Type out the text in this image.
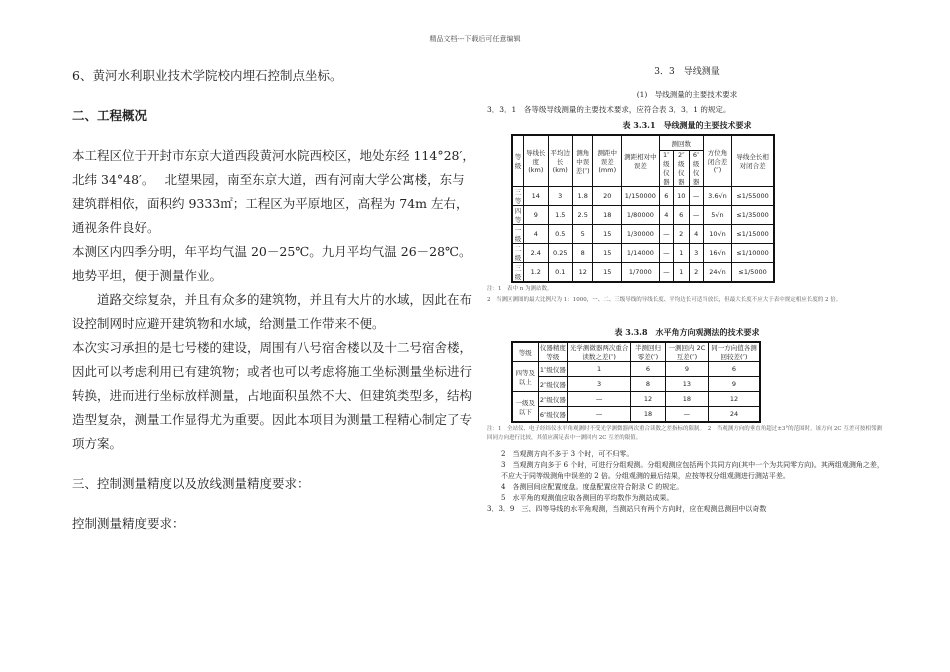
精品文档---下载后可任意编辑

6、黄河水利职业技术学院校内埋石控制点坐标。

二、工程概况

本工程区位于开封市东京大道西段黄河水院西校区，地处东经 114°28′，北纬 34°48′。　 北望果园，南至东京大道，西有河南大学公寓楼，东与建筑群相依，面积约 9333㎡；工程区为平原地区，高程为 74m 左右，通视条件良好。

本测区内四季分明，年平均气温 20－25℃。九月平均气温 26－28℃。地势平坦，便于测量作业。

道路交综复杂，并且有众多的建筑物，并且有大片的水域，因此在布设控制网时应避开建筑物和水域，给测量工作带来不便。

本次实习承担的是七号楼的建设，周围有八号宿舍楼以及十二号宿舍楼，因此可以考虑利用已有建筑物；或者也可以考虑将施工坐标测量坐标进行转换，进而进行坐标放样测量，占地面积虽然不大、但建筑类型多，结构造型复杂，测量工作显得尤为重要。因此本项目为测量工程精心制定了专项方案。

三、控制测量精度以及放线测量精度要求：

控制测量精度要求：

3．3　导线测量

(1)　导线测量的主要技术要求

3．3．1　各等级导线测量的主要技术要求，应符合表 3．3．1 的规定。

表 3.3.1　导线测量的主要技术要求

等级	导线长度(km)	平均边长(km)	测角中误差(″)	测距中误差(mm)	测距相对中误差	测回数			方位角闭合差(″)	导线全长相对闭合差
						1″级仪器	2″级仪器	6″级仪器		
三等	14	3	1.8	20	1/150000	6	10	—	3.6√n	≤1/55000
四等	9	1.5	2.5	18	1/80000	4	6	—	5√n	≤1/35000
一级	4	0.5	5	15	1/30000	—	2	4	10√n	≤1/15000
二级	2.4	0.25	8	15	1/14000	—	1	3	16√n	≤1/10000
三级	1.2	0.1	12	15	1/7000	—	1	2	24√n	≤1/5000

注：1　表中 n 为测站数。

2　当测区测图的最大比例尺为 1：1000，一、二、三级导线的导线长度、平均边长可适当放长，但最大长度不应大于表中规定相应长度的 2 倍。

表 3.3.8　水平角方向观测法的技术要求

等级	仪器精度等级	光学测微器两次重合读数之差(″)	半测回归零差(″)	一测回内 2C 互差(″)	同一方向值各测回较差(″)
四等及以上	1″级仪器	1	6	9	6
	2″级仪器	3	8	13	9
一级及以下	2″级仪器	—	12	18	12
	6″级仪器	—	18	—	24

注：1　全站仪、电子经纬仪水平角观测时不受光学测微器两次重合读数之差指标的限制。　2　当观测方向的垂直角超过±3°的范围时，该方向 2C 互差可按相邻测回同方向进行比较，其值应满足表中一测回内 2C 互差的限值。

2　当观测方向不多于 3 个时，可不归零。

3　当观测方向多于 6 个时，可进行分组观测。分组观测应包括两个共同方向(其中一个为共同零方向)。其两组观测角之差，不应大于同等级测角中误差的 2 倍。分组观测的最后结果，应按等权分组观测进行测站平差。

4　各测回间应配置度盘。度盘配置应符合附录 C 的规定。

5　水平角的观测值应取各测回的平均数作为测站成果。

3．3．9　三、四等导线的水平角观测，当测站只有两个方向时，应在观测总测回中以奇数
